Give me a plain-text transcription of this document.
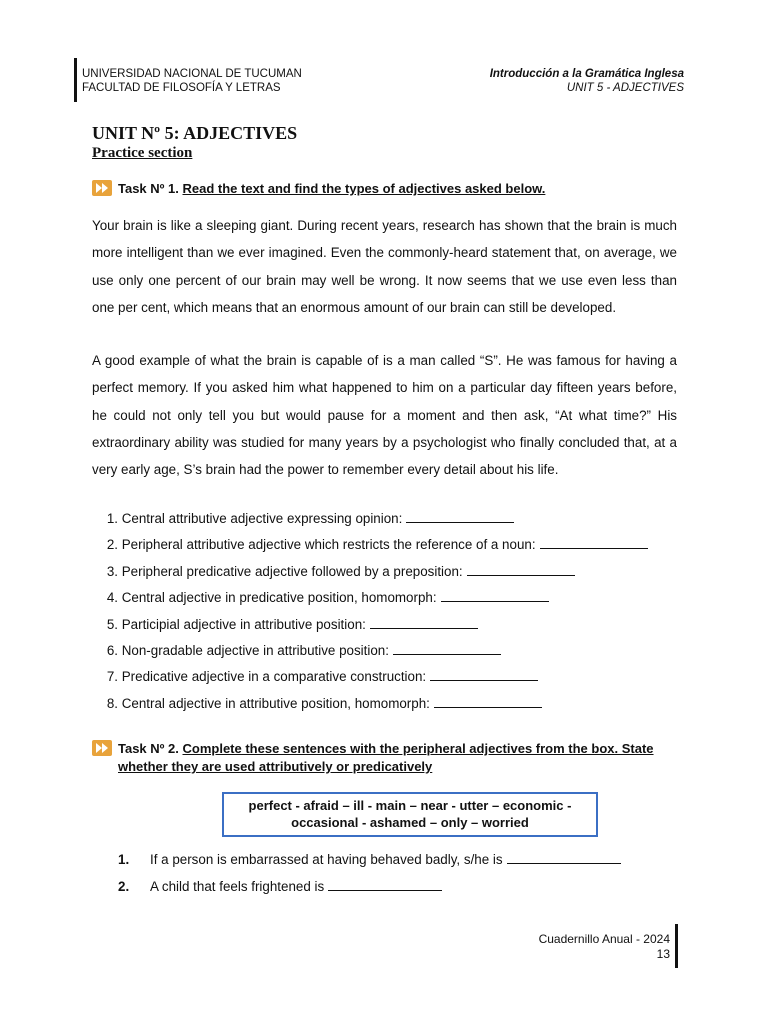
UNIVERSIDAD NACIONAL DE TUCUMAN
FACULTAD DE FILOSOFÍA Y LETRAS
Introducción a la Gramática Inglesa
UNIT 5 - ADJECTIVES
UNIT Nº 5: ADJECTIVES
Practice section
Task Nº 1. Read the text and find the types of adjectives asked below.
Your brain is like a sleeping giant. During recent years, research has shown that the brain is much more intelligent than we ever imagined. Even the commonly-heard statement that, on average, we use only one percent of our brain may well be wrong. It now seems that we use even less than one per cent, which means that an enormous amount of our brain can still be developed.
A good example of what the brain is capable of is a man called “S”. He was famous for having a perfect memory. If you asked him what happened to him on a particular day fifteen years before, he could not only tell you but would pause for a moment and then ask, “At what time?” His extraordinary ability was studied for many years by a psychologist who finally concluded that, at a very early age, S’s brain had the power to remember every detail about his life.
1. Central attributive adjective expressing opinion:
2. Peripheral attributive adjective which restricts the reference of a noun:
3. Peripheral predicative adjective followed by a preposition:
4. Central adjective in predicative position, homomorph:
5. Participial adjective in attributive position:
6. Non-gradable adjective in attributive position:
7. Predicative adjective in a comparative construction:
8. Central adjective in attributive position, homomorph:
Task Nº 2. Complete these sentences with the peripheral adjectives from the box. State
whether they are used attributively or predicatively
perfect - afraid – ill - main – near - utter – economic -
occasional - ashamed – only – worried
1. If a person is embarrassed at having behaved badly, s/he is
2. A child that feels frightened is
Cuadernillo Anual - 2024
13
